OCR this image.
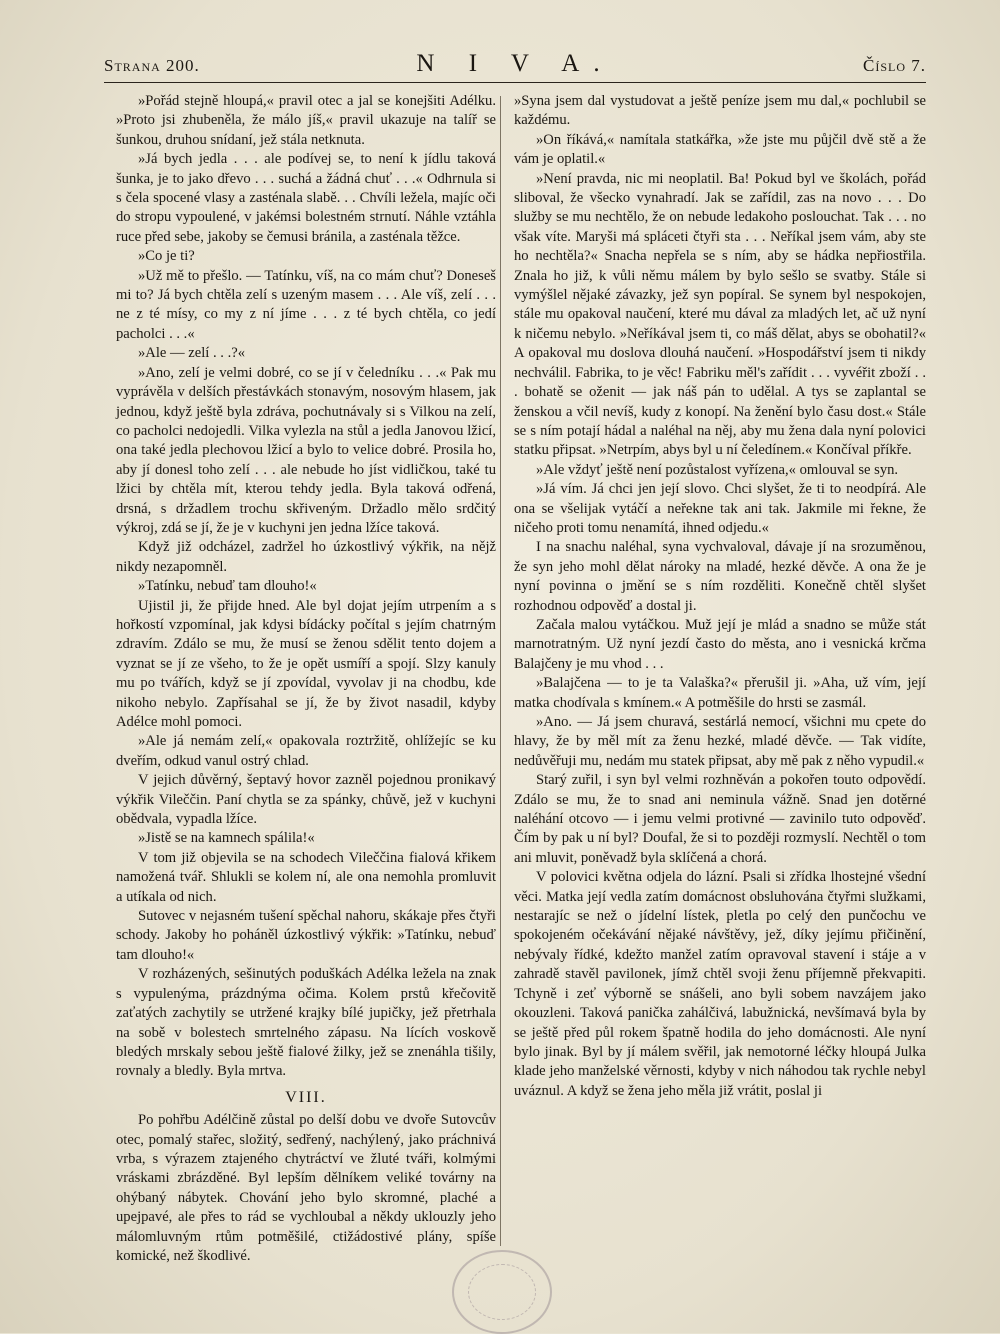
Strana 200.	N I V A.	Číslo 7.

»Pořád stejně hloupá,« pravil otec a jal se konejšiti Adélku. »Proto jsi zhubeněla, že málo jíš,« pravil ukazuje na talíř se šunkou, druhou snídaní, jež stála netknuta.

»Já bych jedla . . . ale podívej se, to není k jídlu taková šunka, je to jako dřevo . . . suchá a žádná chuť . . .« Odhrnula si s čela spocené vlasy a zasténala slabě. . . Chvíli ležela, majíc oči do stropu vypoulené, v jakémsi bolestném strnutí. Náhle vztáhla ruce před sebe, jakoby se čemusi bránila, a zasténala těžce.

»Co je ti?

»Už mě to přešlo. — Tatínku, víš, na co mám chuť? Doneseš mi to? Já bych chtěla zelí s uzeným masem . . . Ale víš, zelí . . . ne z té mísy, co my z ní jíme . . . z té bych chtěla, co jedí pacholci . . .«

»Ale — zelí . . .?«

»Ano, zelí je velmi dobré, co se jí v čeledníku . . .« Pak mu vyprávěla v delších přestávkách stonavým, nosovým hlasem, jak jednou, když ještě byla zdráva, pochutnávaly si s Vilkou na zelí, co pacholci nedojedli. Vilka vylezla na stůl a jedla Janovou lžicí, ona také jedla plechovou lžicí a bylo to velice dobré. Prosila ho, aby jí donesl toho zelí . . . ale nebude ho jíst vidličkou, také tu lžici by chtěla mít, kterou tehdy jedla. Byla taková odřená, drsná, s držadlem trochu skřiveným. Držadlo mělo srdčitý výkroj, zdá se jí, že je v kuchyni jen jedna lžíce taková.

Když již odcházel, zadržel ho úzkostlivý výkřik, na nějž nikdy nezapomněl.

»Tatínku, nebuď tam dlouho!«

Ujistil ji, že přijde hned. Ale byl dojat jejím utrpením a s hořkostí vzpomínal, jak kdysi bídácky počítal s jejím chatrným zdravím. Zdálo se mu, že musí se ženou sdělit tento dojem a vyznat se jí ze všeho, to že je opět usmíří a spojí. Slzy kanuly mu po tvářích, když se jí zpovídal, vyvolav ji na chodbu, kde nikoho nebylo. Zapřísahal se jí, že by život nasadil, kdyby Adélce mohl pomoci.

»Ale já nemám zelí,« opakovala roztržitě, ohlížejíc se ku dveřím, odkud vanul ostrý chlad.

V jejich důvěrný, šeptavý hovor zazněl pojednou pronikavý výkřik Vileččin. Paní chytla se za spánky, chůvě, jež v kuchyni obědvala, vypadla lžíce.

»Jistě se na kamnech spálila!«

V tom již objevila se na schodech Vileččina fialová křikem namožená tvář. Shlukli se kolem ní, ale ona nemohla promluvit a utíkala od nich.

Sutovec v nejasném tušení spěchal nahoru, skákaje přes čtyři schody. Jakoby ho poháněl úzkostlivý výkřik: »Tatínku, nebuď tam dlouho!«

V rozházených, sešinutých poduškách Adélka ležela na znak s vypulenýma, prázdnýma očima. Kolem prstů křečovitě zaťatých zachytily se utržené krajky bílé jupičky, jež přetrhala na sobě v bolestech smrtelného zápasu. Na lících voskově bledých mrskaly sebou ještě fialové žilky, jež se znenáhla tišily, rovnaly a bledly. Byla mrtva.

VIII.

Po pohřbu Adélčině zůstal po delší dobu ve dvoře Sutovcův otec, pomalý stařec, složitý, sedřený, nachýlený, jako práchnivá vrba, s výrazem ztajeného chytráctví ve žluté tváři, kolmými vráskami zbrázděné. Byl lepším dělníkem veliké továrny na ohýbaný nábytek. Chování jeho bylo skromné, plaché a upejpavé, ale přes to rád se vychloubal a někdy uklouzly jeho málomluvným rtům potměšilé, ctižádostivé plány, spíše komické, než škodlivé.

»Syna jsem dal vystudovat a ještě peníze jsem mu dal,« pochlubil se každému.

»On říkává,« namítala statkářka, »že jste mu půjčil dvě stě a že vám je oplatil.«

»Není pravda, nic mi neoplatil. Ba! Pokud byl ve školách, pořád sliboval, že všecko vynahradí. Jak se zařídil, zas na novo . . . Do služby se mu nechtělo, že on nebude ledakoho poslouchat. Tak . . . no však víte. Maryši má spláceti čtyři sta . . . Neříkal jsem vám, aby ste ho nechtěla?« Snacha nepřela se s ním, aby se hádka nepřiostřila. Znala ho již, k vůli němu málem by bylo sešlo se svatby. Stále si vymýšlel nějaké závazky, jež syn popíral. Se synem byl nespokojen, stále mu opakoval naučení, které mu dával za mladých let, ač už nyní k ničemu nebylo. »Neříkával jsem ti, co máš dělat, abys se obohatil?« A opakoval mu doslova dlouhá naučení. »Hospodářství jsem ti nikdy nechválil. Fabrika, to je věc! Fabriku měl's zařídit . . . vyvéřit zboží . . . bohatě se oženit — jak náš pán to udělal. A tys se zaplantal se ženskou a včil nevíš, kudy z konopí. Na ženění bylo času dost.« Stále se s ním potají hádal a naléhal na něj, aby mu žena dala nyní polovici statku připsat. »Netrpím, abys byl u ní čeledínem.« Končíval příkře.

»Ale vždyť ještě není pozůstalost vyřízena,« omlouval se syn.

»Já vím. Já chci jen její slovo. Chci slyšet, že ti to neodpírá. Ale ona se všelijak vytáčí a neřekne tak ani tak. Jakmile mi řekne, že ničeho proti tomu nenamítá, ihned odjedu.«

I na snachu naléhal, syna vychvaloval, dávaje jí na srozuměnou, že syn jeho mohl dělat nároky na mladé, hezké děvče. A ona že je nyní povinna o jmění se s ním rozděliti. Konečně chtěl slyšet rozhodnou odpověď a dostal ji.

Začala malou vytáčkou. Muž její je mlád a snadno se může stát marnotratným. Už nyní jezdí často do města, ano i vesnická krčma Balajčeny je mu vhod . . .

»Balajčena — to je ta Valaška?« přerušil ji. »Aha, už vím, její matka chodívala s kmínem.« A potměšile do hrsti se zasmál.

»Ano. — Já jsem churavá, sestárlá nemocí, všichni mu cpete do hlavy, že by měl mít za ženu hezké, mladé děvče. — Tak vidíte, nedůvěřuji mu, nedám mu statek připsat, aby mě pak z něho vypudil.«

Starý zuřil, i syn byl velmi rozhněván a pokořen touto odpovědí. Zdálo se mu, že to snad ani neminula vážně. Snad jen dotěrné naléhání otcovo — i jemu velmi protivné — zavinilo tuto odpověď. Čím by pak u ní byl? Doufal, že si to později rozmyslí. Nechtěl o tom ani mluvit, poněvadž byla sklíčená a chorá.

V polovici května odjela do lázní. Psali si zřídka lhostejné všední věci. Matka její vedla zatím domácnost obsluhována čtyřmi služkami, nestarajíc se než o jídelní lístek, pletla po celý den punčochu ve spokojeném očekávání nějaké návštěvy, jež, díky jejímu přičinění, nebývaly řídké, kdežto manžel zatím opravoval stavení i stáje a v zahradě stavěl pavilonek, jímž chtěl svoji ženu příjemně překvapiti. Tchyně i zeť výborně se snášeli, ano byli sobem navzájem jako okouzleni. Taková panička zahálčivá, labužnická, nevšímavá byla by se ještě před půl rokem špatně hodila do jeho domácnosti. Ale nyní bylo jinak. Byl by jí málem svěřil, jak nemotorné léčky hloupá Julka klade jeho manželské věrnosti, kdyby v nich náhodou tak rychle nebyl uváznul. A když se žena jeho měla již vrátit, poslal ji
